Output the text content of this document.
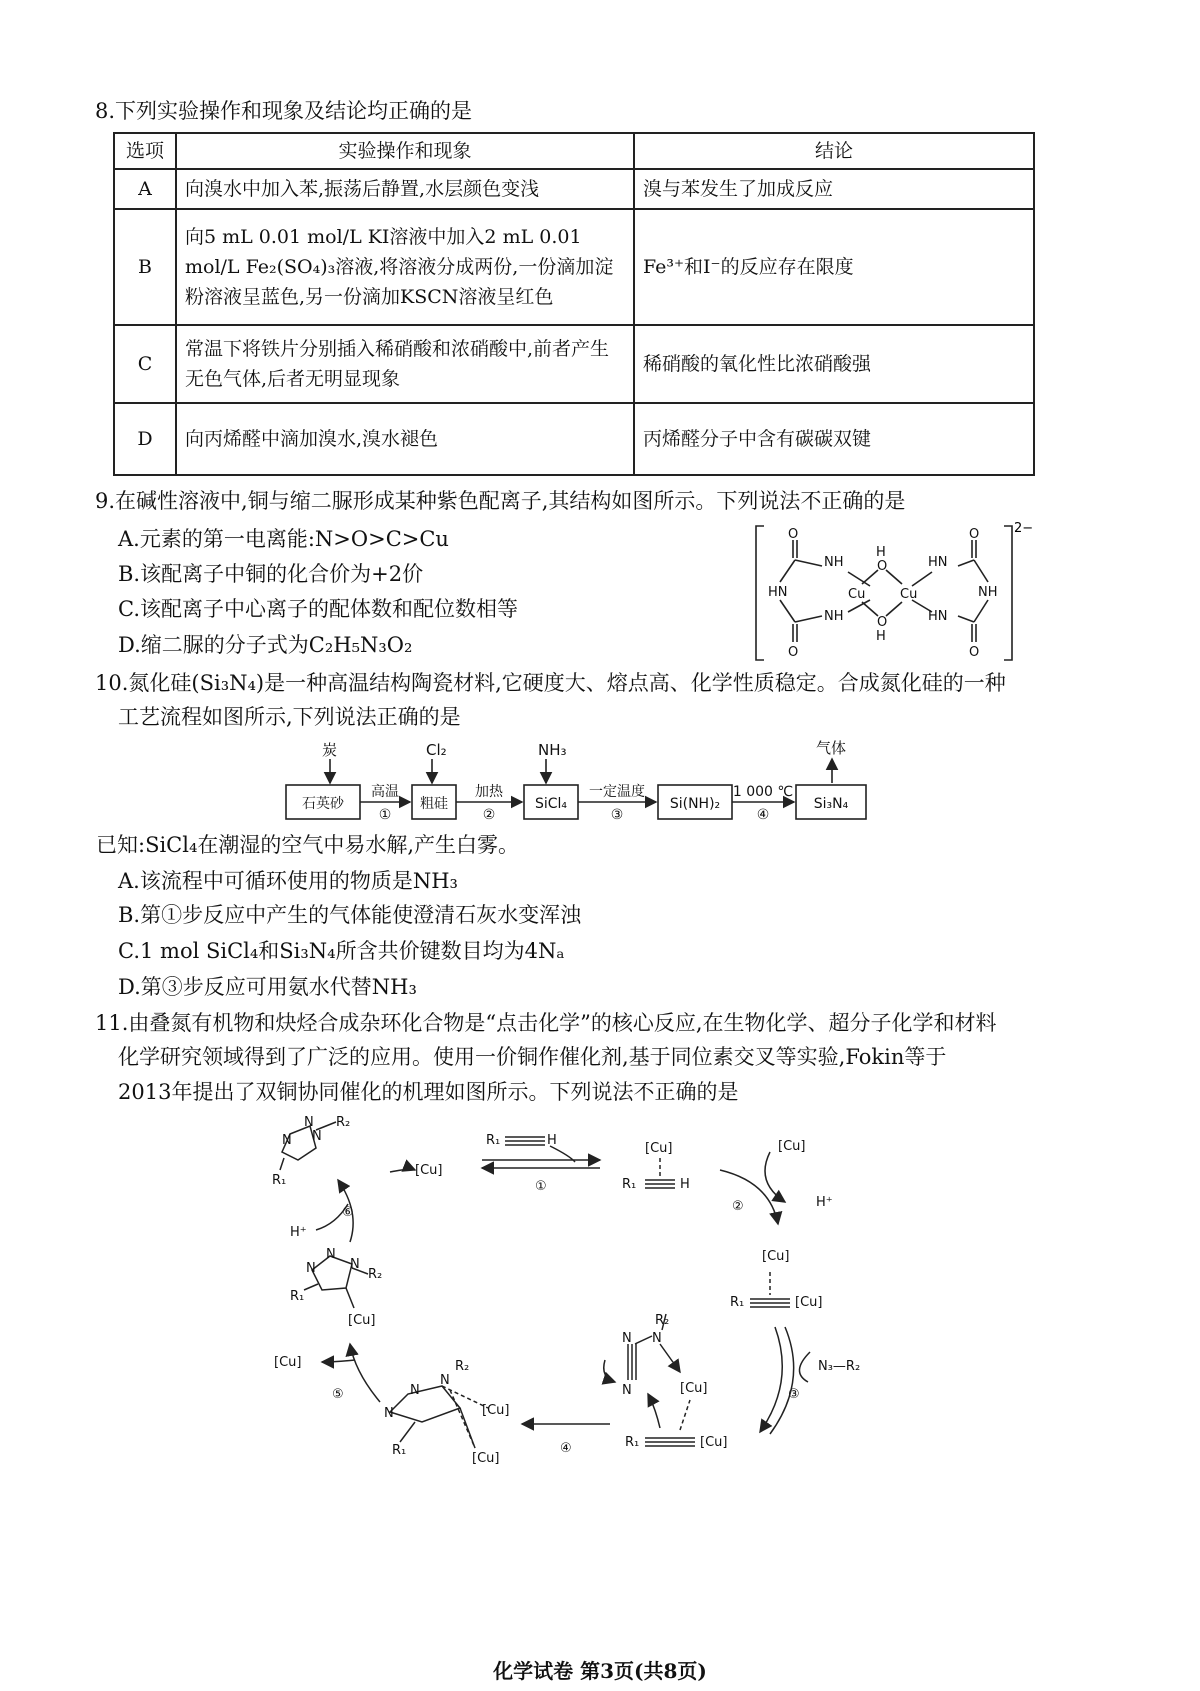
8.下列实验操作和现象及结论均正确的是
选项	实验操作和现象	结论
A	向溴水中加入苯,振荡后静置,水层颜色变浅	溴与苯发生了加成反应
B	向5 mL 0.01 mol/L KI溶液中加入2 mL 0.01 mol/L Fe₂(SO₄)₃溶液,将溶液分成两份,一份滴加淀粉溶液呈蓝色,另一份滴加KSCN溶液呈红色	Fe³⁺和I⁻的反应存在限度
C	常温下将铁片分别插入稀硝酸和浓硝酸中,前者产生无色气体,后者无明显现象	稀硝酸的氧化性比浓硝酸强
D	向丙烯醛中滴加溴水,溴水褪色	丙烯醛分子中含有碳碳双键
9.在碱性溶液中,铜与缩二脲形成某种紫色配离子,其结构如图所示。下列说法不正确的是
A.元素的第一电离能:N>O>C>Cu
B.该配离子中铜的化合价为+2价
C.该配离子中心离子的配体数和配位数相等
D.缩二脲的分子式为C₂H₅N₃O₂
O
NH
HN
NH
O
Cu
H
O
O
H
Cu
HN
NH
HN
O
O
2−
10.氮化硅(Si₃N₄)是一种高温结构陶瓷材料,它硬度大、熔点高、化学性质稳定。合成氮化硅的一种
工艺流程如图所示,下列说法正确的是
炭	Cl₂	NH₃	气体
石英砂	粗硅	SiCl₄	Si(NH)₂	Si₃N₄
高温	加热	一定温度	1 000 ℃
①	②	③	④
已知:SiCl₄在潮湿的空气中易水解,产生白雾。
A.该流程中可循环使用的物质是NH₃
B.第①步反应中产生的气体能使澄清石灰水变浑浊
C.1 mol SiCl₄和Si₃N₄所含共价键数目均为4Nₐ
D.第③步反应可用氨水代替NH₃
11.由叠氮有机物和炔烃合成杂环化合物是“点击化学”的核心反应,在生物化学、超分子化学和材料
化学研究领域得到了广泛的应用。使用一价铜作催化剂,基于同位素交叉等实验,Fokin等于
2013年提出了双铜协同催化的机理如图所示。下列说法不正确的是
N
N
N
R₂
R₁
[Cu]
R₁	H
①
[Cu]
R₁	H
②
[Cu]
H⁺
[Cu]
R₁	[Cu]
N₃—R₂
③
R₂
N N
N	[Cu]
R₁	[Cu]
④
R₂
N
N
N	[Cu]
[Cu]
R₁
⑤
[Cu]
N
N
N
R₂
R₁
[Cu]
H⁺
⑥
化学试卷 第3页(共8页)
